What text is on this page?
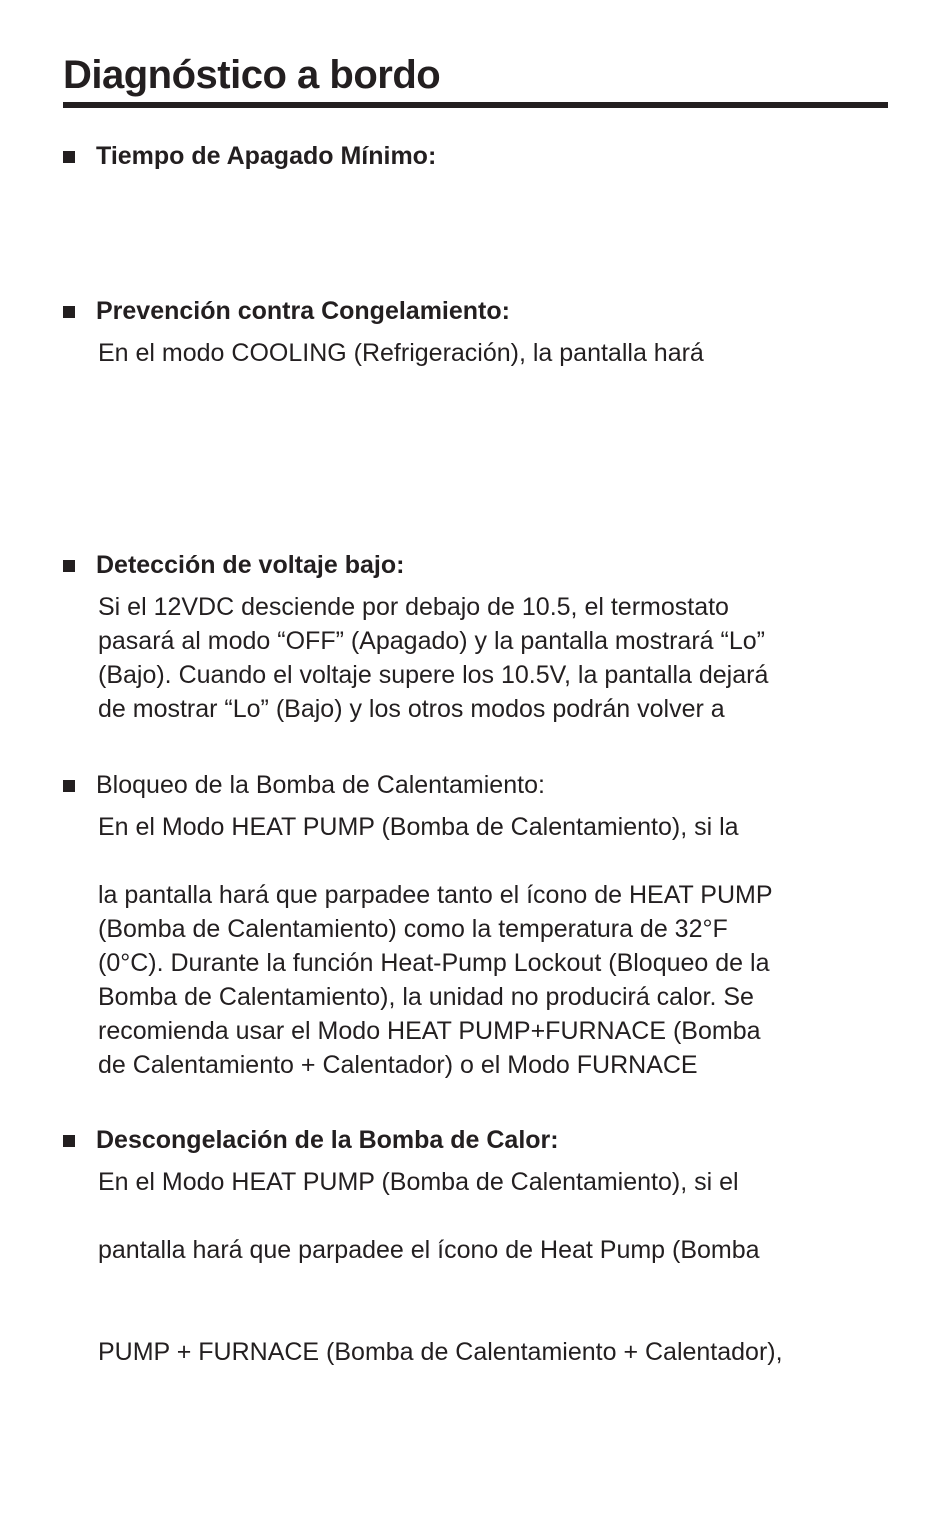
Diagnóstico a bordo
Tiempo de Apagado Mínimo:
Prevención contra Congelamiento:
En el modo COOLING (Refrigeración), la pantalla hará
Detección de voltaje bajo:
Si el 12VDC desciende por debajo de 10.5, el termostato
pasará al modo “OFF” (Apagado) y la pantalla mostrará “Lo”
(Bajo). Cuando el voltaje supere los 10.5V, la pantalla dejará
de mostrar “Lo” (Bajo) y los otros modos podrán volver a
Bloqueo de la Bomba de Calentamiento:
En el Modo HEAT PUMP (Bomba de Calentamiento), si la
la pantalla hará que parpadee tanto el ícono de HEAT PUMP
(Bomba de Calentamiento) como la temperatura de 32°F
(0°C). Durante la función Heat-Pump Lockout (Bloqueo de la
Bomba de Calentamiento), la unidad no producirá calor. Se
recomienda usar el Modo HEAT PUMP+FURNACE (Bomba
de Calentamiento + Calentador) o el Modo FURNACE
Descongelación de la Bomba de Calor:
En el Modo HEAT PUMP (Bomba de Calentamiento), si el
pantalla hará que parpadee el ícono de Heat Pump (Bomba
PUMP + FURNACE (Bomba de Calentamiento + Calentador),
